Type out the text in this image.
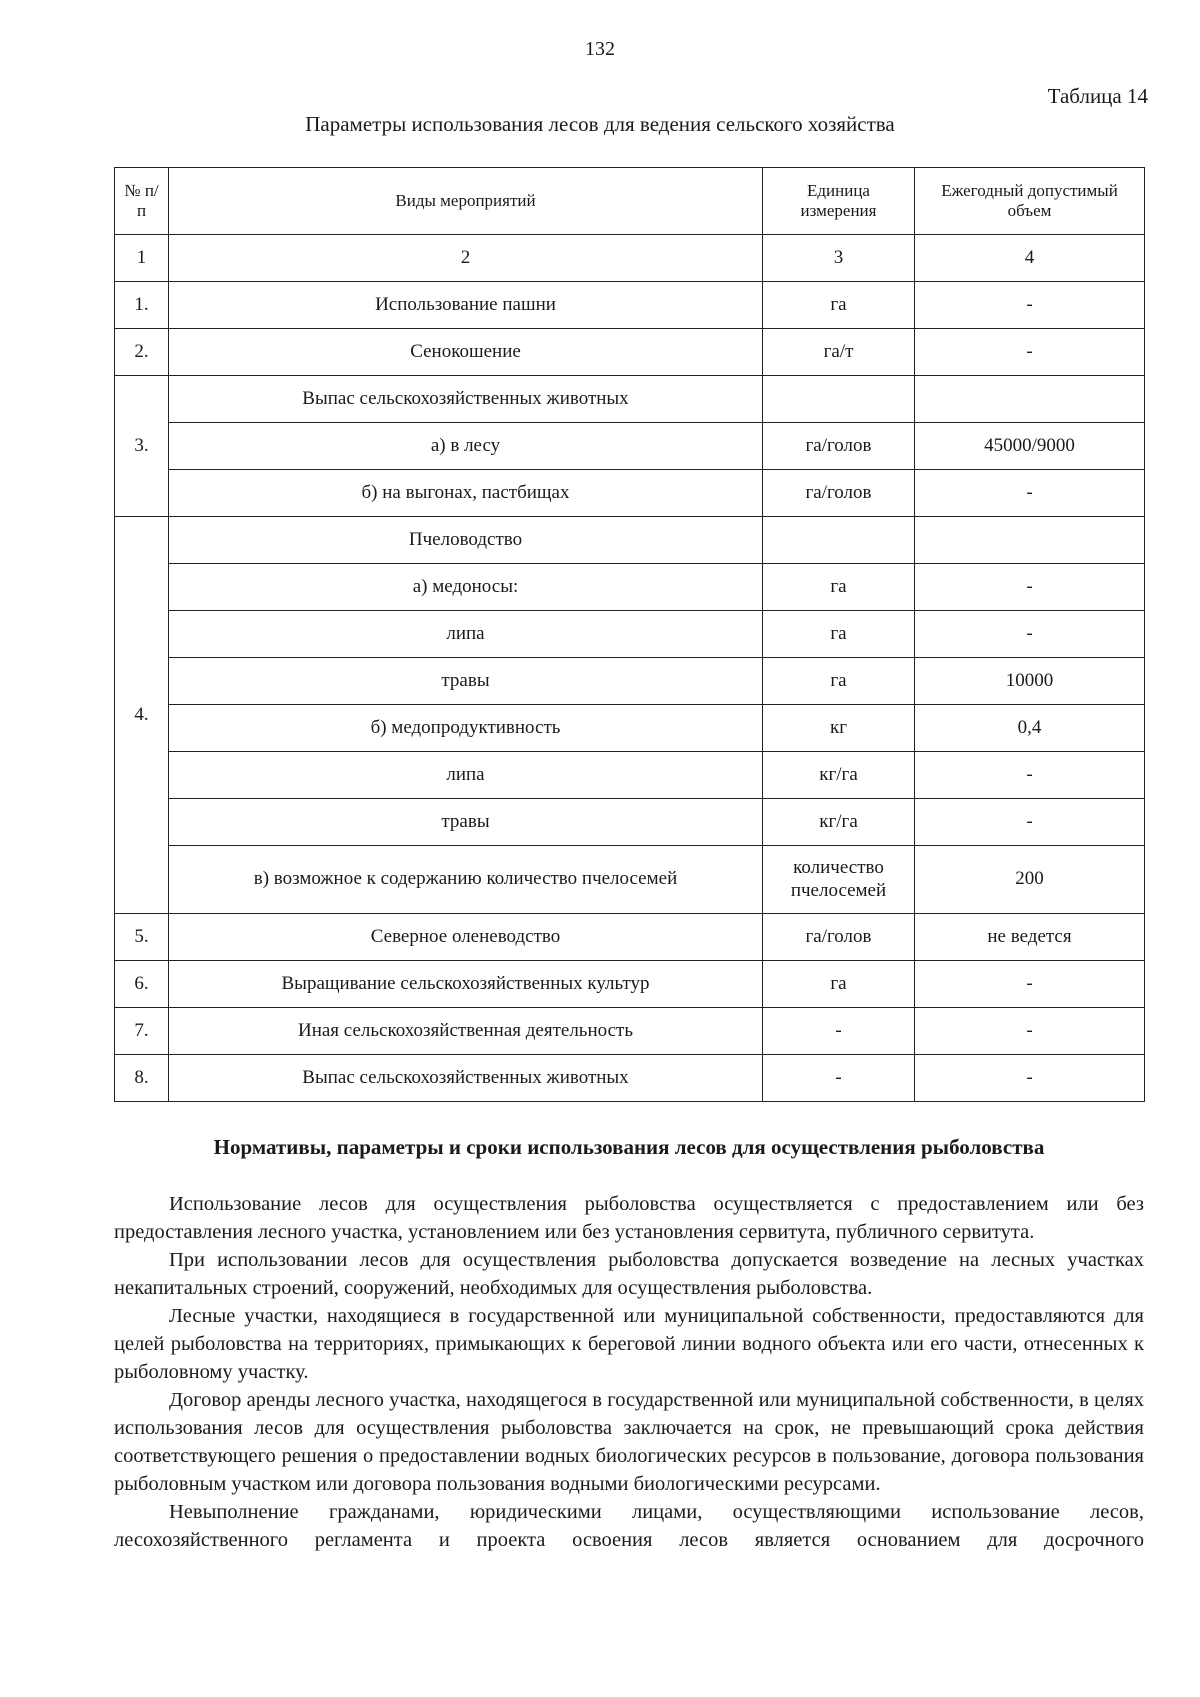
132
Таблица 14
Параметры использования лесов для ведения сельского хозяйства
№ п/п	Виды мероприятий	Единица измерения	Ежегодный допустимый объем
1	2	3	4
1.	Использование пашни	га	-
2.	Сенокошение	га/т	-
3.	Выпас сельскохозяйственных животных		
	а) в лесу	га/голов	45000/9000
	б) на выгонах, пастбищах	га/голов	-
4.	Пчеловодство		
	а) медоносы:	га	-
	липа	га	-
	травы	га	10000
	б) медопродуктивность	кг	0,4
	липа	кг/га	-
	травы	кг/га	-
	в) возможное к содержанию количество пчелосемей	количество пчелосемей	200
5.	Северное оленеводство	га/голов	не ведется
6.	Выращивание сельскохозяйственных культур	га	-
7.	Иная сельскохозяйственная деятельность	-	-
8.	Выпас сельскохозяйственных животных	-	-
Нормативы, параметры и сроки использования лесов для осуществления рыболовства

Использование лесов для осуществления рыболовства осуществляется с предоставлением или без предоставления лесного участка, установлением или без установления сервитута, публичного сервитута.

При использовании лесов для осуществления рыболовства допускается возведение на лесных участках некапитальных строений, сооружений, необходимых для осуществления рыболовства.

Лесные участки, находящиеся в государственной или муниципальной собственности, предоставляются для целей рыболовства на территориях, примыкающих к береговой линии водного объекта или его части, отнесенных к рыболовному участку.

Договор аренды лесного участка, находящегося в государственной или муниципальной собственности, в целях использования лесов для осуществления рыболовства заключается на срок, не превышающий срока действия соответствующего решения о предоставлении водных биологических ресурсов в пользование, договора пользования рыболовным участком или договора пользования водными биологическими ресурсами.

Невыполнение гражданами, юридическими лицами, осуществляющими использование лесов, лесохозяйственного регламента и проекта освоения лесов является основанием для досрочного
